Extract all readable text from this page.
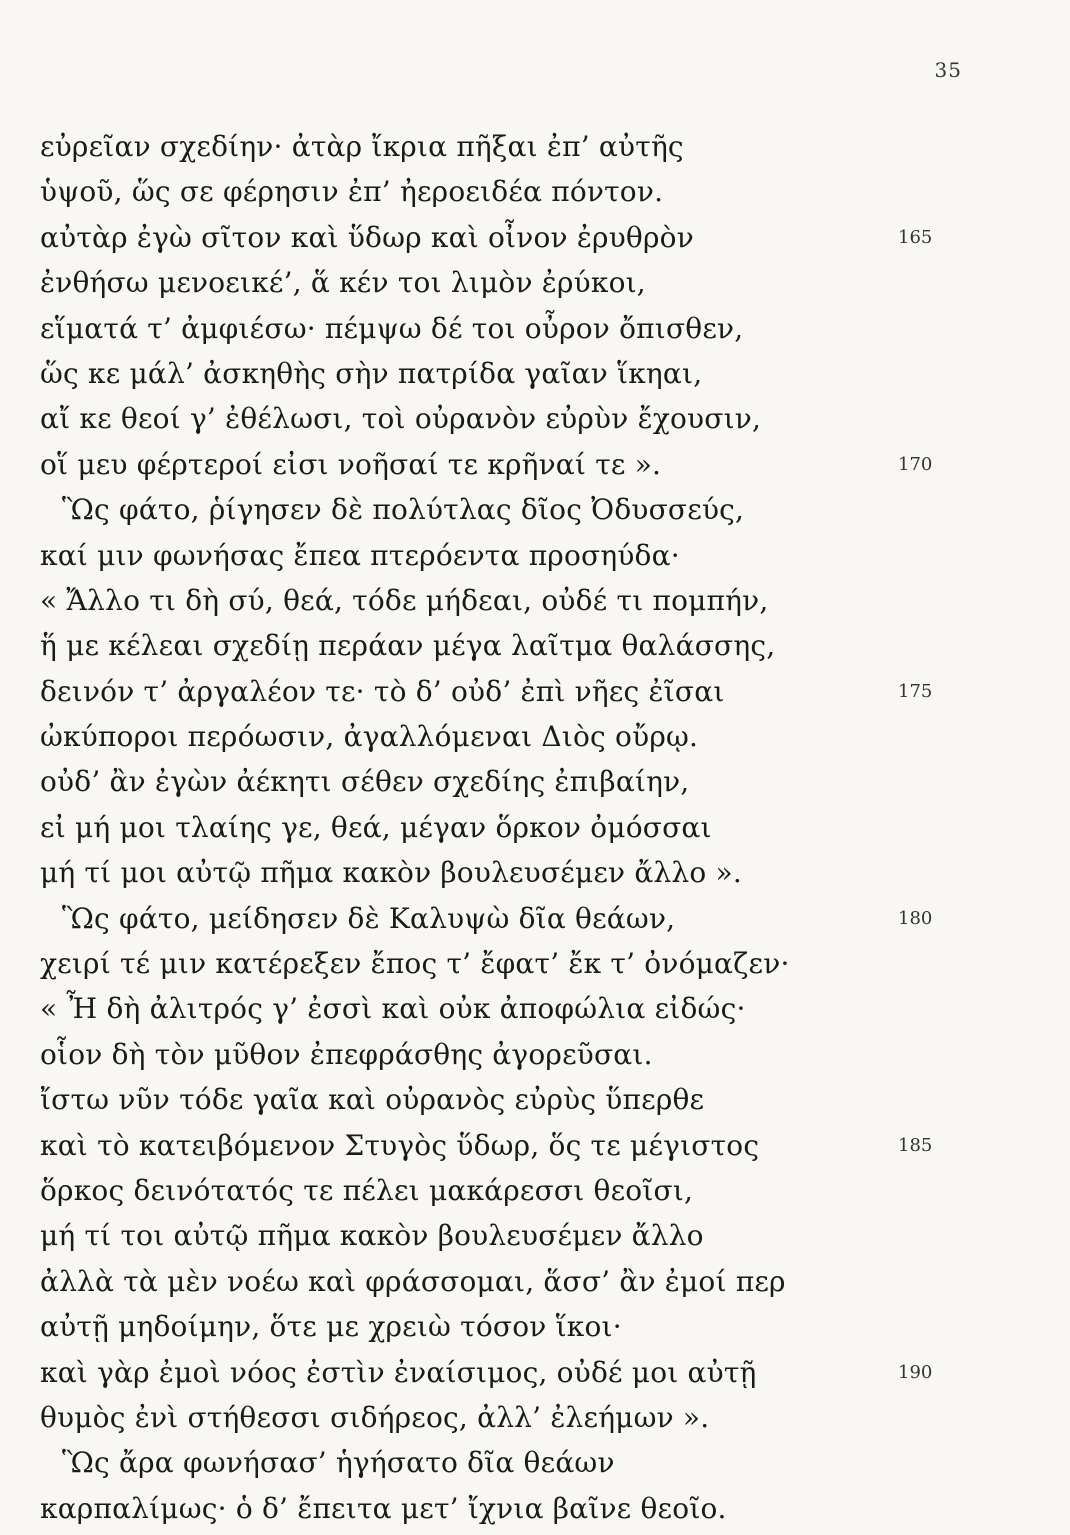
35
εὐρεῖαν σχεδίην· ἀτὰρ ἴκρια πῆξαι ἐπ’ αὐτῆς
ὑψοῦ, ὥς σε φέρησιν ἐπ’ ἠεροειδέα πόντον.
αὐτὰρ ἐγὼ σῖτον καὶ ὕδωρ καὶ οἶνον ἐρυθρὸν	165
ἐνθήσω μενοεικέ’, ἅ κέν τοι λιμὸν ἐρύκοι,
εἵματά τ’ ἀμφιέσω· πέμψω δέ τοι οὖρον ὄπισθεν,
ὥς κε μάλ’ ἀσκηθὴς σὴν πατρίδα γαῖαν ἵκηαι,
αἴ κε θεοί γ’ ἐθέλωσι, τοὶ οὐρανὸν εὐρὺν ἔχουσιν,
οἵ μευ φέρτεροί εἰσι νοῆσαί τε κρῆναί τε ».	170
Ὣς φάτο, ῥίγησεν δὲ πολύτλας δῖος Ὀδυσσεύς,
καί μιν φωνήσας ἔπεα πτερόεντα προσηύδα·
« Ἄλλο τι δὴ σύ, θεά, τόδε μήδεαι, οὐδέ τι πομπήν,
ἥ με κέλεαι σχεδίῃ περάαν μέγα λαῖτμα θαλάσσης,
δεινόν τ’ ἀργαλέον τε· τὸ δ’ οὐδ’ ἐπὶ νῆες ἐῖσαι	175
ὠκύποροι περόωσιν, ἀγαλλόμεναι Διὸς οὔρῳ.
οὐδ’ ἂν ἐγὼν ἀέκητι σέθεν σχεδίης ἐπιβαίην,
εἰ μή μοι τλαίης γε, θεά, μέγαν ὅρκον ὀμόσσαι
μή τί μοι αὐτῷ πῆμα κακὸν βουλευσέμεν ἄλλο ».
Ὣς φάτο, μείδησεν δὲ Καλυψὼ δῖα θεάων,	180
χειρί τέ μιν κατέρεξεν ἔπος τ’ ἔφατ’ ἔκ τ’ ὀνόμαζεν·
« Ἦ δὴ ἀλιτρός γ’ ἐσσὶ καὶ οὐκ ἀποφώλια εἰδώς·
οἷον δὴ τὸν μῦθον ἐπεφράσθης ἀγορεῦσαι.
ἴστω νῦν τόδε γαῖα καὶ οὐρανὸς εὐρὺς ὕπερθε
καὶ τὸ κατειβόμενον Στυγὸς ὕδωρ, ὅς τε μέγιστος	185
ὅρκος δεινότατός τε πέλει μακάρεσσι θεοῖσι,
μή τί τοι αὐτῷ πῆμα κακὸν βουλευσέμεν ἄλλο
ἀλλὰ τὰ μὲν νοέω καὶ φράσσομαι, ἅσσ’ ἂν ἐμοί περ
αὐτῇ μηδοίμην, ὅτε με χρειὼ τόσον ἵκοι·
καὶ γὰρ ἐμοὶ νόος ἐστὶν ἐναίσιμος, οὐδέ μοι αὐτῇ	190
θυμὸς ἐνὶ στήθεσσι σιδήρεος, ἀλλ’ ἐλεήμων ».
Ὣς ἄρα φωνήσασ’ ἡγήσατο δῖα θεάων
καρπαλίμως· ὁ δ’ ἔπειτα μετ’ ἴχνια βαῖνε θεοῖο.
